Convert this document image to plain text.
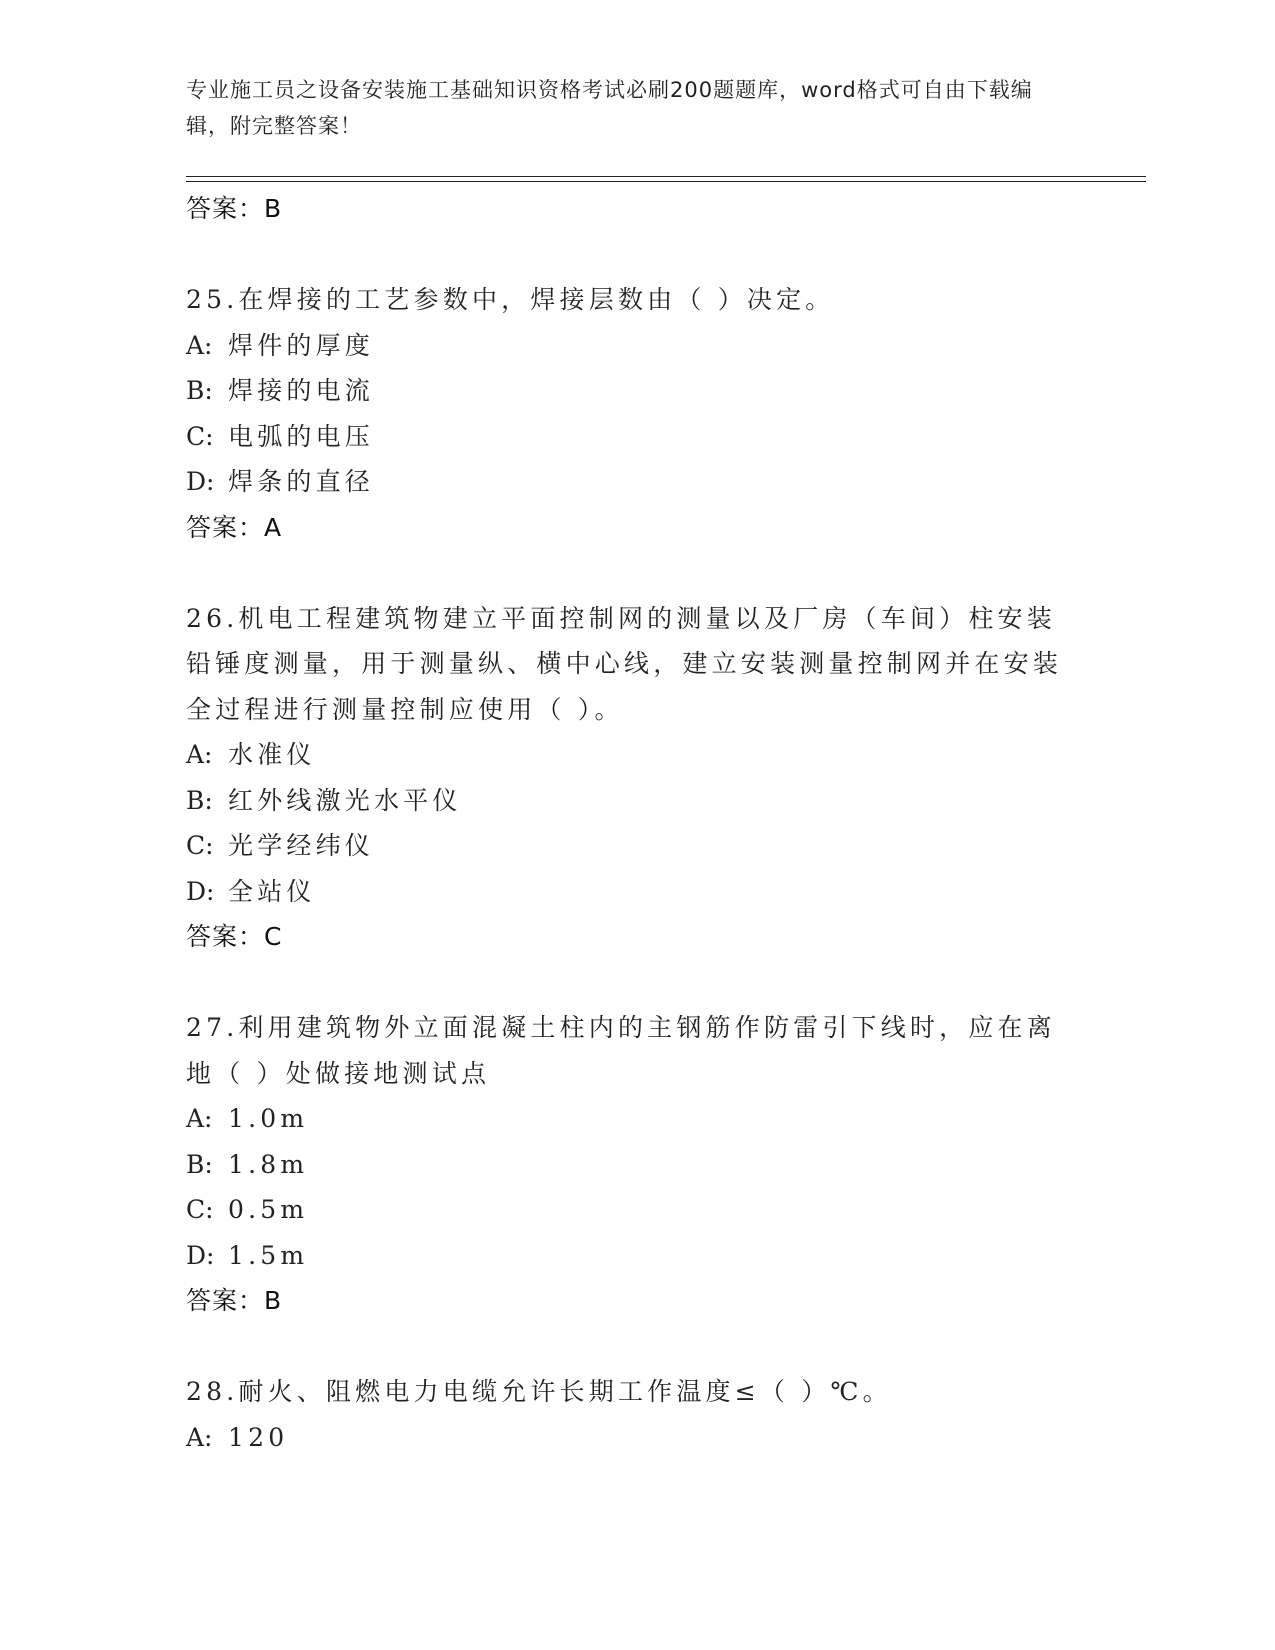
专业施工员之设备安装施工基础知识资格考试必刷200题题库，word格式可自由下载编辑，附完整答案！
答案：B
25.在焊接的工艺参数中，焊接层数由（ ）决定。
A: 焊件的厚度
B: 焊接的电流
C: 电弧的电压
D: 焊条的直径
答案：A
26.机电工程建筑物建立平面控制网的测量以及厂房（车间）柱安装铅锤度测量，用于测量纵、横中心线，建立安装测量控制网并在安装全过程进行测量控制应使用（ ）。
A: 水准仪
B: 红外线激光水平仪
C: 光学经纬仪
D: 全站仪
答案：C
27.利用建筑物外立面混凝土柱内的主钢筋作防雷引下线时，应在离地（ ）处做接地测试点
A: 1.0m
B: 1.8m
C: 0.5m
D: 1.5m
答案：B
28.耐火、阻燃电力电缆允许长期工作温度≤（ ）℃。
A: 120
